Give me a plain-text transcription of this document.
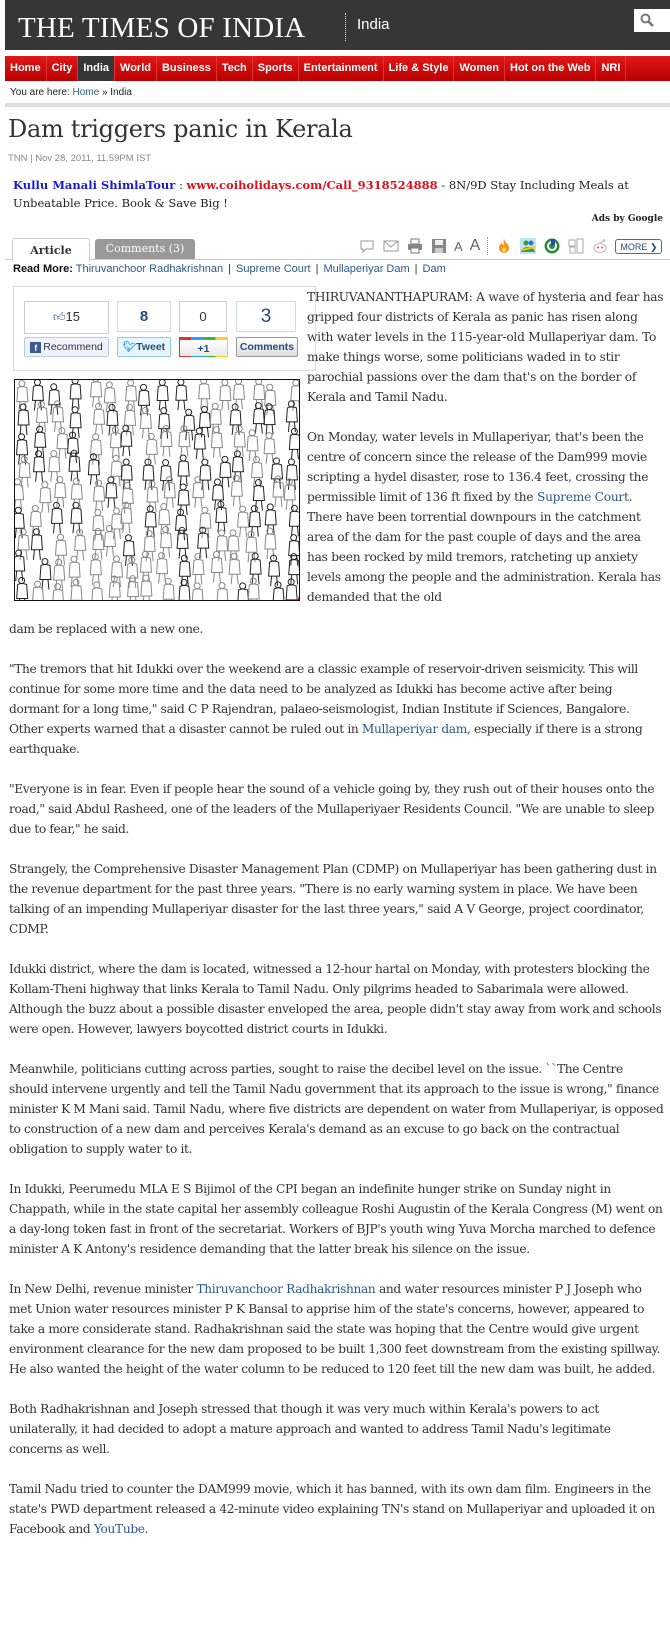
THE TIMES OF INDIA	India
Home	City	India	World	Business	Tech	Sports	Entertainment	Life & Style	Women	Hot on the Web	NRI
You are here: Home » India
Dam triggers panic in Kerala
TNN | Nov 28, 2011, 11.59PM IST
Kullu Manali ShimlaTour : www.coiholidays.com/Call_9318524888 - 8N/9D Stay Including Meals at Unbeatable Price. Book & Save Big !
Ads by Google
Article	Comments (3)	A A	MORE ❯
Read More: Thiruvanchoor Radhakrishnan | Supreme Court | Mullaperiyar Dam | Dam
👍︎15	8	0	3
f Recommend	🐦︎Tweet	+1	Comments

THIRUVANANTHAPURAM: A wave of hysteria and fear has gripped four districts of Kerala as panic has risen along with water levels in the 115-year-old Mullaperiyar dam. To make things worse, some politicians waded in to stir parochial passions over the dam that's on the border of Kerala and Tamil Nadu.

On Monday, water levels in Mullaperiyar, that's been the centre of concern since the release of the Dam999 movie scripting a hydel disaster, rose to 136.4 feet, crossing the permissible limit of 136 ft fixed by the Supreme Court. There have been torrential downpours in the catchment area of the dam for the past couple of days and the area has been rocked by mild tremors, ratcheting up anxiety levels among the people and the administration. Kerala has demanded that the old

dam be replaced with a new one.

"The tremors that hit Idukki over the weekend are a classic example of reservoir-driven seismicity. This will continue for some more time and the data need to be analyzed as Idukki has become active after being dormant for a long time," said C P Rajendran, palaeo-seismologist, Indian Institute if Sciences, Bangalore. Other experts warned that a disaster cannot be ruled out in Mullaperiyar dam, especially if there is a strong earthquake.

"Everyone is in fear. Even if people hear the sound of a vehicle going by, they rush out of their houses onto the road," said Abdul Rasheed, one of the leaders of the Mullaperiyaer Residents Council. "We are unable to sleep due to fear," he said.

Strangely, the Comprehensive Disaster Management Plan (CDMP) on Mullaperiyar has been gathering dust in the revenue department for the past three years. "There is no early warning system in place. We have been talking of an impending Mullaperiyar disaster for the last three years," said A V George, project coordinator, CDMP.

Idukki district, where the dam is located, witnessed a 12-hour hartal on Monday, with protesters blocking the Kollam-Theni highway that links Kerala to Tamil Nadu. Only pilgrims headed to Sabarimala were allowed. Although the buzz about a possible disaster enveloped the area, people didn't stay away from work and schools were open. However, lawyers boycotted district courts in Idukki.

Meanwhile, politicians cutting across parties, sought to raise the decibel level on the issue. ``The Centre should intervene urgently and tell the Tamil Nadu government that its approach to the issue is wrong," finance minister K M Mani said. Tamil Nadu, where five districts are dependent on water from Mullaperiyar, is opposed to construction of a new dam and perceives Kerala's demand as an excuse to go back on the contractual obligation to supply water to it.

In Idukki, Peerumedu MLA E S Bijimol of the CPI began an indefinite hunger strike on Sunday night in Chappath, while in the state capital her assembly colleague Roshi Augustin of the Kerala Congress (M) went on a day-long token fast in front of the secretariat. Workers of BJP's youth wing Yuva Morcha marched to defence minister A K Antony's residence demanding that the latter break his silence on the issue.

In New Delhi, revenue minister Thiruvanchoor Radhakrishnan and water resources minister P J Joseph who met Union water resources minister P K Bansal to apprise him of the state's concerns, however, appeared to take a more considerate stand. Radhakrishnan said the state was hoping that the Centre would give urgent environment clearance for the new dam proposed to be built 1,300 feet downstream from the existing spillway. He also wanted the height of the water column to be reduced to 120 feet till the new dam was built, he added.

Both Radhakrishnan and Joseph stressed that though it was very much within Kerala's powers to act unilaterally, it had decided to adopt a mature approach and wanted to address Tamil Nadu's legitimate concerns as well.

Tamil Nadu tried to counter the DAM999 movie, which it has banned, with its own dam film. Engineers in the state's PWD department released a 42-minute video explaining TN's stand on Mullaperiyar and uploaded it on Facebook and YouTube.
